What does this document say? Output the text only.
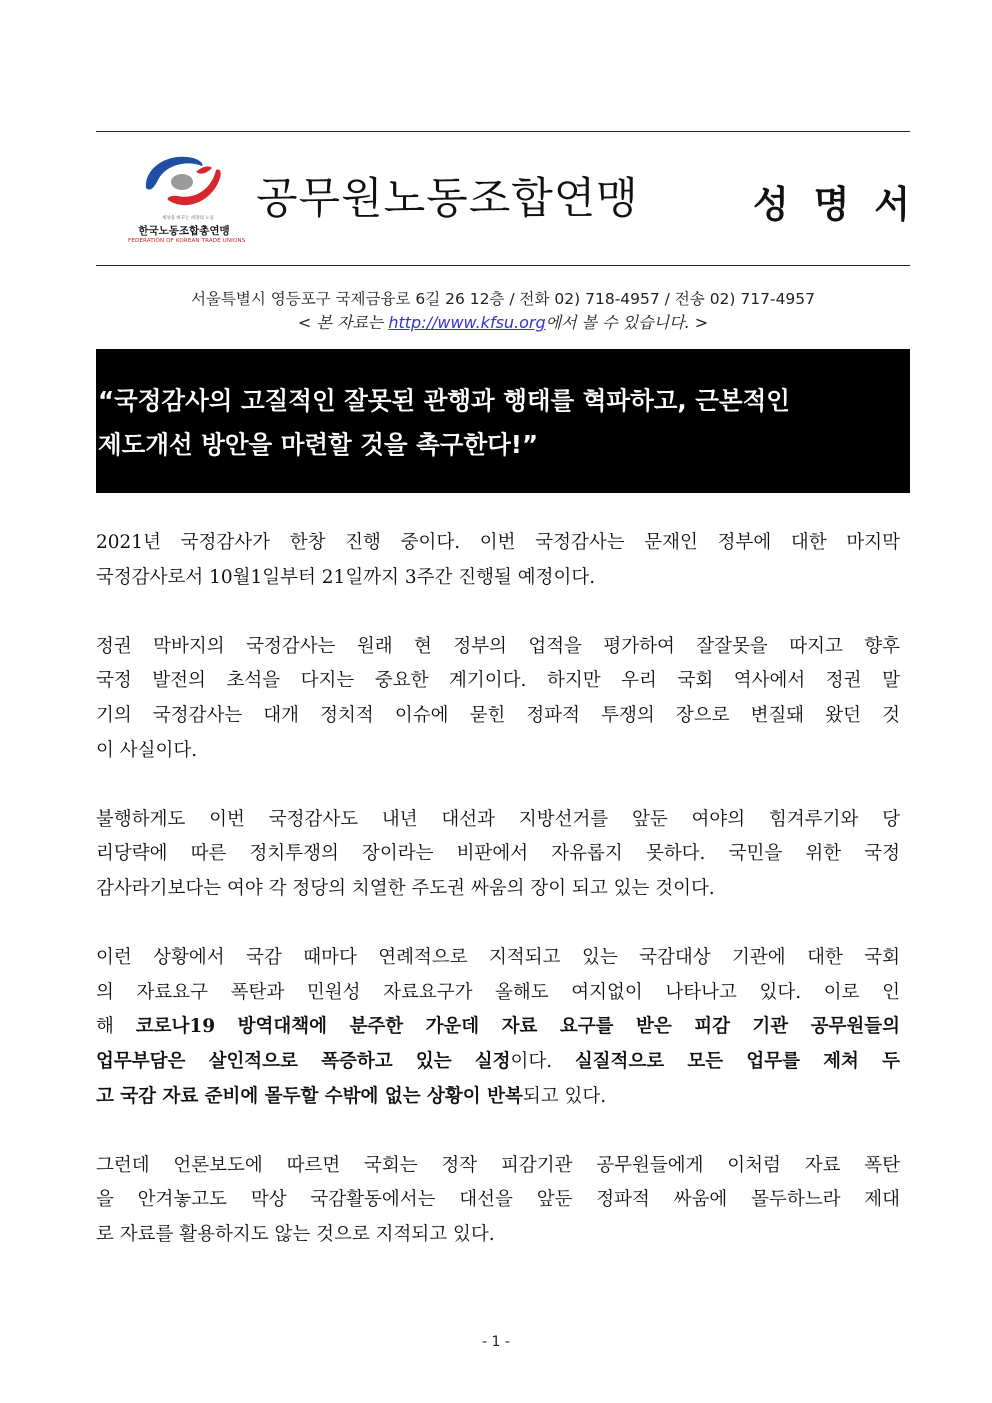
세상을 바꾸는 희망의 노동
한국노동조합총연맹
FEDERATION OF KOREAN TRADE UNIONS
공무원노동조합연맹	성 명 서
서울특별시 영등포구 국제금융로 6길 26 12층 / 전화 02) 718-4957 / 전송 02) 717-4957
< 본 자료는 http://www.kfsu.org에서 볼 수 있습니다. >
“국정감사의 고질적인 잘못된 관행과 행태를 혁파하고, 근본적인
제도개선 방안을 마련할 것을 촉구한다!”
2021년 국정감사가 한창 진행 중이다. 이번 국정감사는 문재인 정부에 대한 마지막
국정감사로서 10월1일부터 21일까지 3주간 진행될 예정이다.
정권 막바지의 국정감사는 원래 현 정부의 업적을 평가하여 잘잘못을 따지고 향후
국정 발전의 초석을 다지는 중요한 계기이다. 하지만 우리 국회 역사에서 정권 말
기의 국정감사는 대개 정치적 이슈에 묻힌 정파적 투쟁의 장으로 변질돼 왔던 것
이 사실이다.
불행하게도 이번 국정감사도 내년 대선과 지방선거를 앞둔 여야의 힘겨루기와 당
리당략에 따른 정치투쟁의 장이라는 비판에서 자유롭지 못하다. 국민을 위한 국정
감사라기보다는 여야 각 정당의 치열한 주도권 싸움의 장이 되고 있는 것이다.
이런 상황에서 국감 때마다 연례적으로 지적되고 있는 국감대상 기관에 대한 국회
의 자료요구 폭탄과 민원성 자료요구가 올해도 여지없이 나타나고 있다. 이로 인
해 코로나19 방역대책에 분주한 가운데 자료 요구를 받은 피감 기관 공무원들의
업무부담은 살인적으로 폭증하고 있는 실정이다. 실질적으로 모든 업무를 제쳐 두
고 국감 자료 준비에 몰두할 수밖에 없는 상황이 반복되고 있다.
그런데 언론보도에 따르면 국회는 정작 피감기관 공무원들에게 이처럼 자료 폭탄
을 안겨놓고도 막상 국감활동에서는 대선을 앞둔 정파적 싸움에 몰두하느라 제대
로 자료를 활용하지도 않는 것으로 지적되고 있다.
- 1 -
